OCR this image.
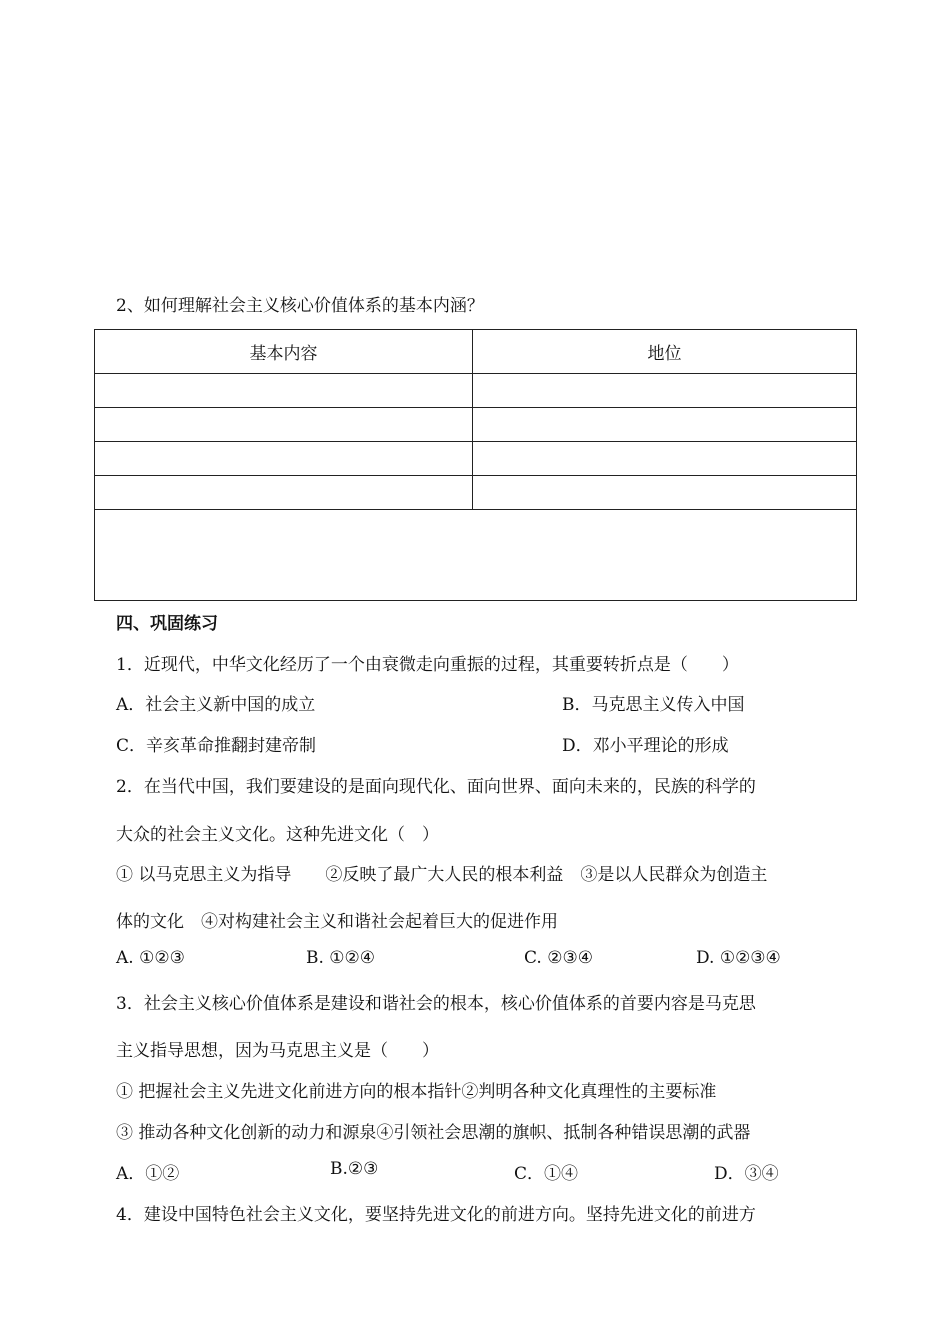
2、如何理解社会主义核心价值体系的基本内涵？
基本内容	地位

四、巩固练习
1．近现代，中华文化经历了一个由衰微走向重振的过程，其重要转折点是（　　）
A．社会主义新中国的成立	B．马克思主义传入中国
C．辛亥革命推翻封建帝制	D．邓小平理论的形成
2．在当代中国，我们要建设的是面向现代化、面向世界、面向未来的，民族的科学的
大众的社会主义文化。这种先进文化（　）
① 以马克思主义为指导　　②反映了最广大人民的根本利益　③是以人民群众为创造主
体的文化　④对构建社会主义和谐社会起着巨大的促进作用
A. ①②③	B. ①②④	C. ②③④	D. ①②③④
3．社会主义核心价值体系是建设和谐社会的根本，核心价值体系的首要内容是马克思
主义指导思想，因为马克思主义是（　　）
① 把握社会主义先进文化前进方向的根本指针②判明各种文化真理性的主要标准
③ 推动各种文化创新的动力和源泉④引领社会思潮的旗帜、抵制各种错误思潮的武器
A．①②	B.②③	C．①④	D．③④
4．建设中国特色社会主义文化，要坚持先进文化的前进方向。坚持先进文化的前进方
